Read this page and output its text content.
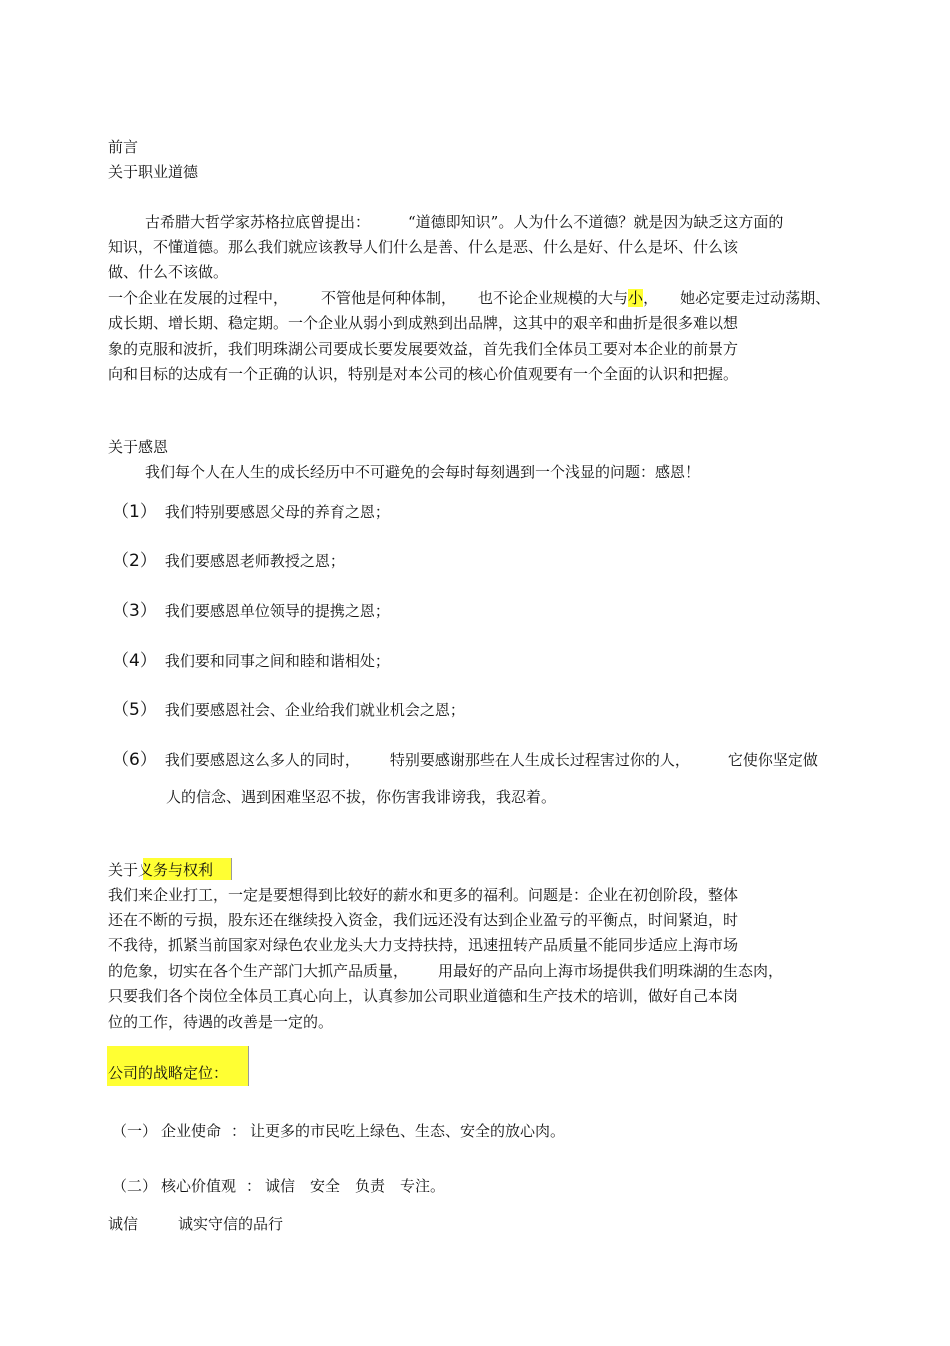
前言
关于职业道德
古希腊大哲学家苏格拉底曾提出：	“道德即知识”。人为什么不道德？就是因为缺乏这方面的
知识，不懂道德。那么我们就应该教导人们什么是善、什么是恶、什么是好、什么是坏、什么该
做、什么不该做。
一个企业在发展的过程中， 不管他是何种体制， 也不论企业规模的大与小， 她必定要走过动荡期、
成长期、增长期、稳定期。一个企业从弱小到成熟到出品牌，这其中的艰辛和曲折是很多难以想
象的克服和波折，我们明珠湖公司要成长要发展要效益，首先我们全体员工要对本企业的前景方
向和目标的达成有一个正确的认识，特别是对本公司的核心价值观要有一个全面的认识和把握。
关于感恩
我们每个人在人生的成长经历中不可避免的会每时每刻遇到一个浅显的问题：感恩！
（1） 我们特别要感恩父母的养育之恩；
（2） 我们要感恩老师教授之恩；
（3） 我们要感恩单位领导的提携之恩；
（4） 我们要和同事之间和睦和谐相处；
（5） 我们要感恩社会、企业给我们就业机会之恩；
（6） 我们要感恩这么多人的同时， 特别要感谢那些在人生成长过程害过你的人，	它使你坚定做
人的信念、遇到困难坚忍不拔，你伤害我诽谤我，我忍着。
关于义务与权利
我们来企业打工，一定是要想得到比较好的薪水和更多的福利。问题是：企业在初创阶段，整体
还在不断的亏损，股东还在继续投入资金，我们远还没有达到企业盈亏的平衡点，时间紧迫，时
不我待，抓紧当前国家对绿色农业龙头大力支持扶持，迅速扭转产品质量不能同步适应上海市场
的危象，切实在各个生产部门大抓产品质量， 用最好的产品向上海市场提供我们明珠湖的生态肉，
只要我们各个岗位全体员工真心向上，认真参加公司职业道德和生产技术的培训，做好自己本岗
位的工作，待遇的改善是一定的。
公司的战略定位：
（一） 企业使命 ： 让更多的市民吃上绿色、生态、安全的放心肉。
（二） 核心价值观 ： 诚信　安全　负责　专注。
诚信	诚实守信的品行
